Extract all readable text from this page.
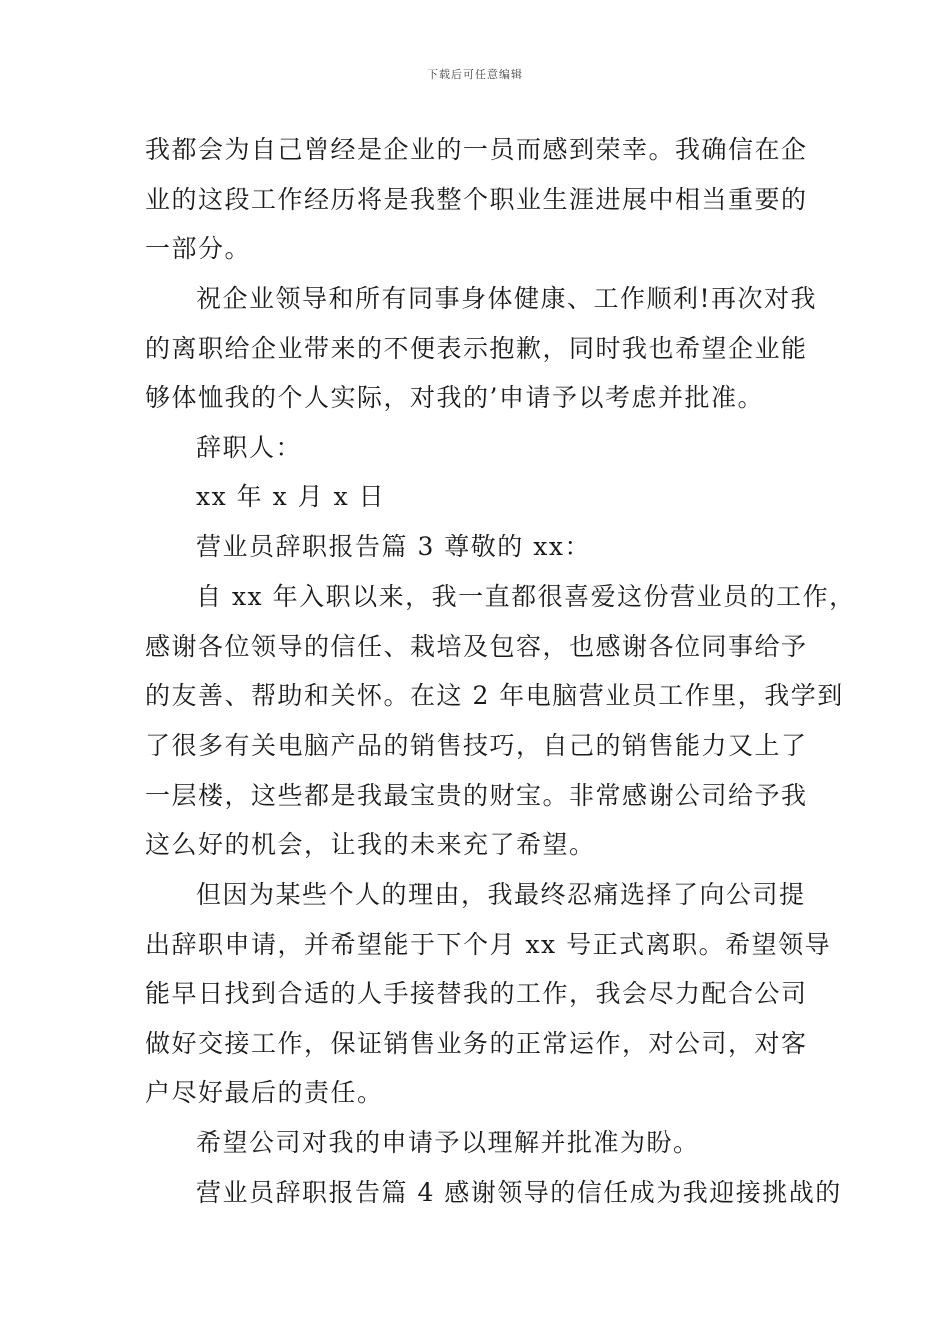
下载后可任意编辑
我都会为自己曾经是企业的一员而感到荣幸。我确信在企
业的这段工作经历将是我整个职业生涯进展中相当重要的
一部分。
祝企业领导和所有同事身体健康、工作顺利!再次对我
的离职给企业带来的不便表示抱歉，同时我也希望企业能
够体恤我的个人实际，对我的’申请予以考虑并批准。
辞职人：
xx 年 x 月 x 日
营业员辞职报告篇 3 尊敬的 xx：
自 xx 年入职以来，我一直都很喜爱这份营业员的工作，
感谢各位领导的信任、栽培及包容，也感谢各位同事给予
的友善、帮助和关怀。在这 2 年电脑营业员工作里，我学到
了很多有关电脑产品的销售技巧，自己的销售能力又上了
一层楼，这些都是我最宝贵的财宝。非常感谢公司给予我
这么好的机会，让我的未来充了希望。
但因为某些个人的理由，我最终忍痛选择了向公司提
出辞职申请，并希望能于下个月 xx 号正式离职。希望领导
能早日找到合适的人手接替我的工作，我会尽力配合公司
做好交接工作，保证销售业务的正常运作，对公司，对客
户尽好最后的责任。
希望公司对我的申请予以理解并批准为盼。
营业员辞职报告篇 4 感谢领导的信任成为我迎接挑战的
